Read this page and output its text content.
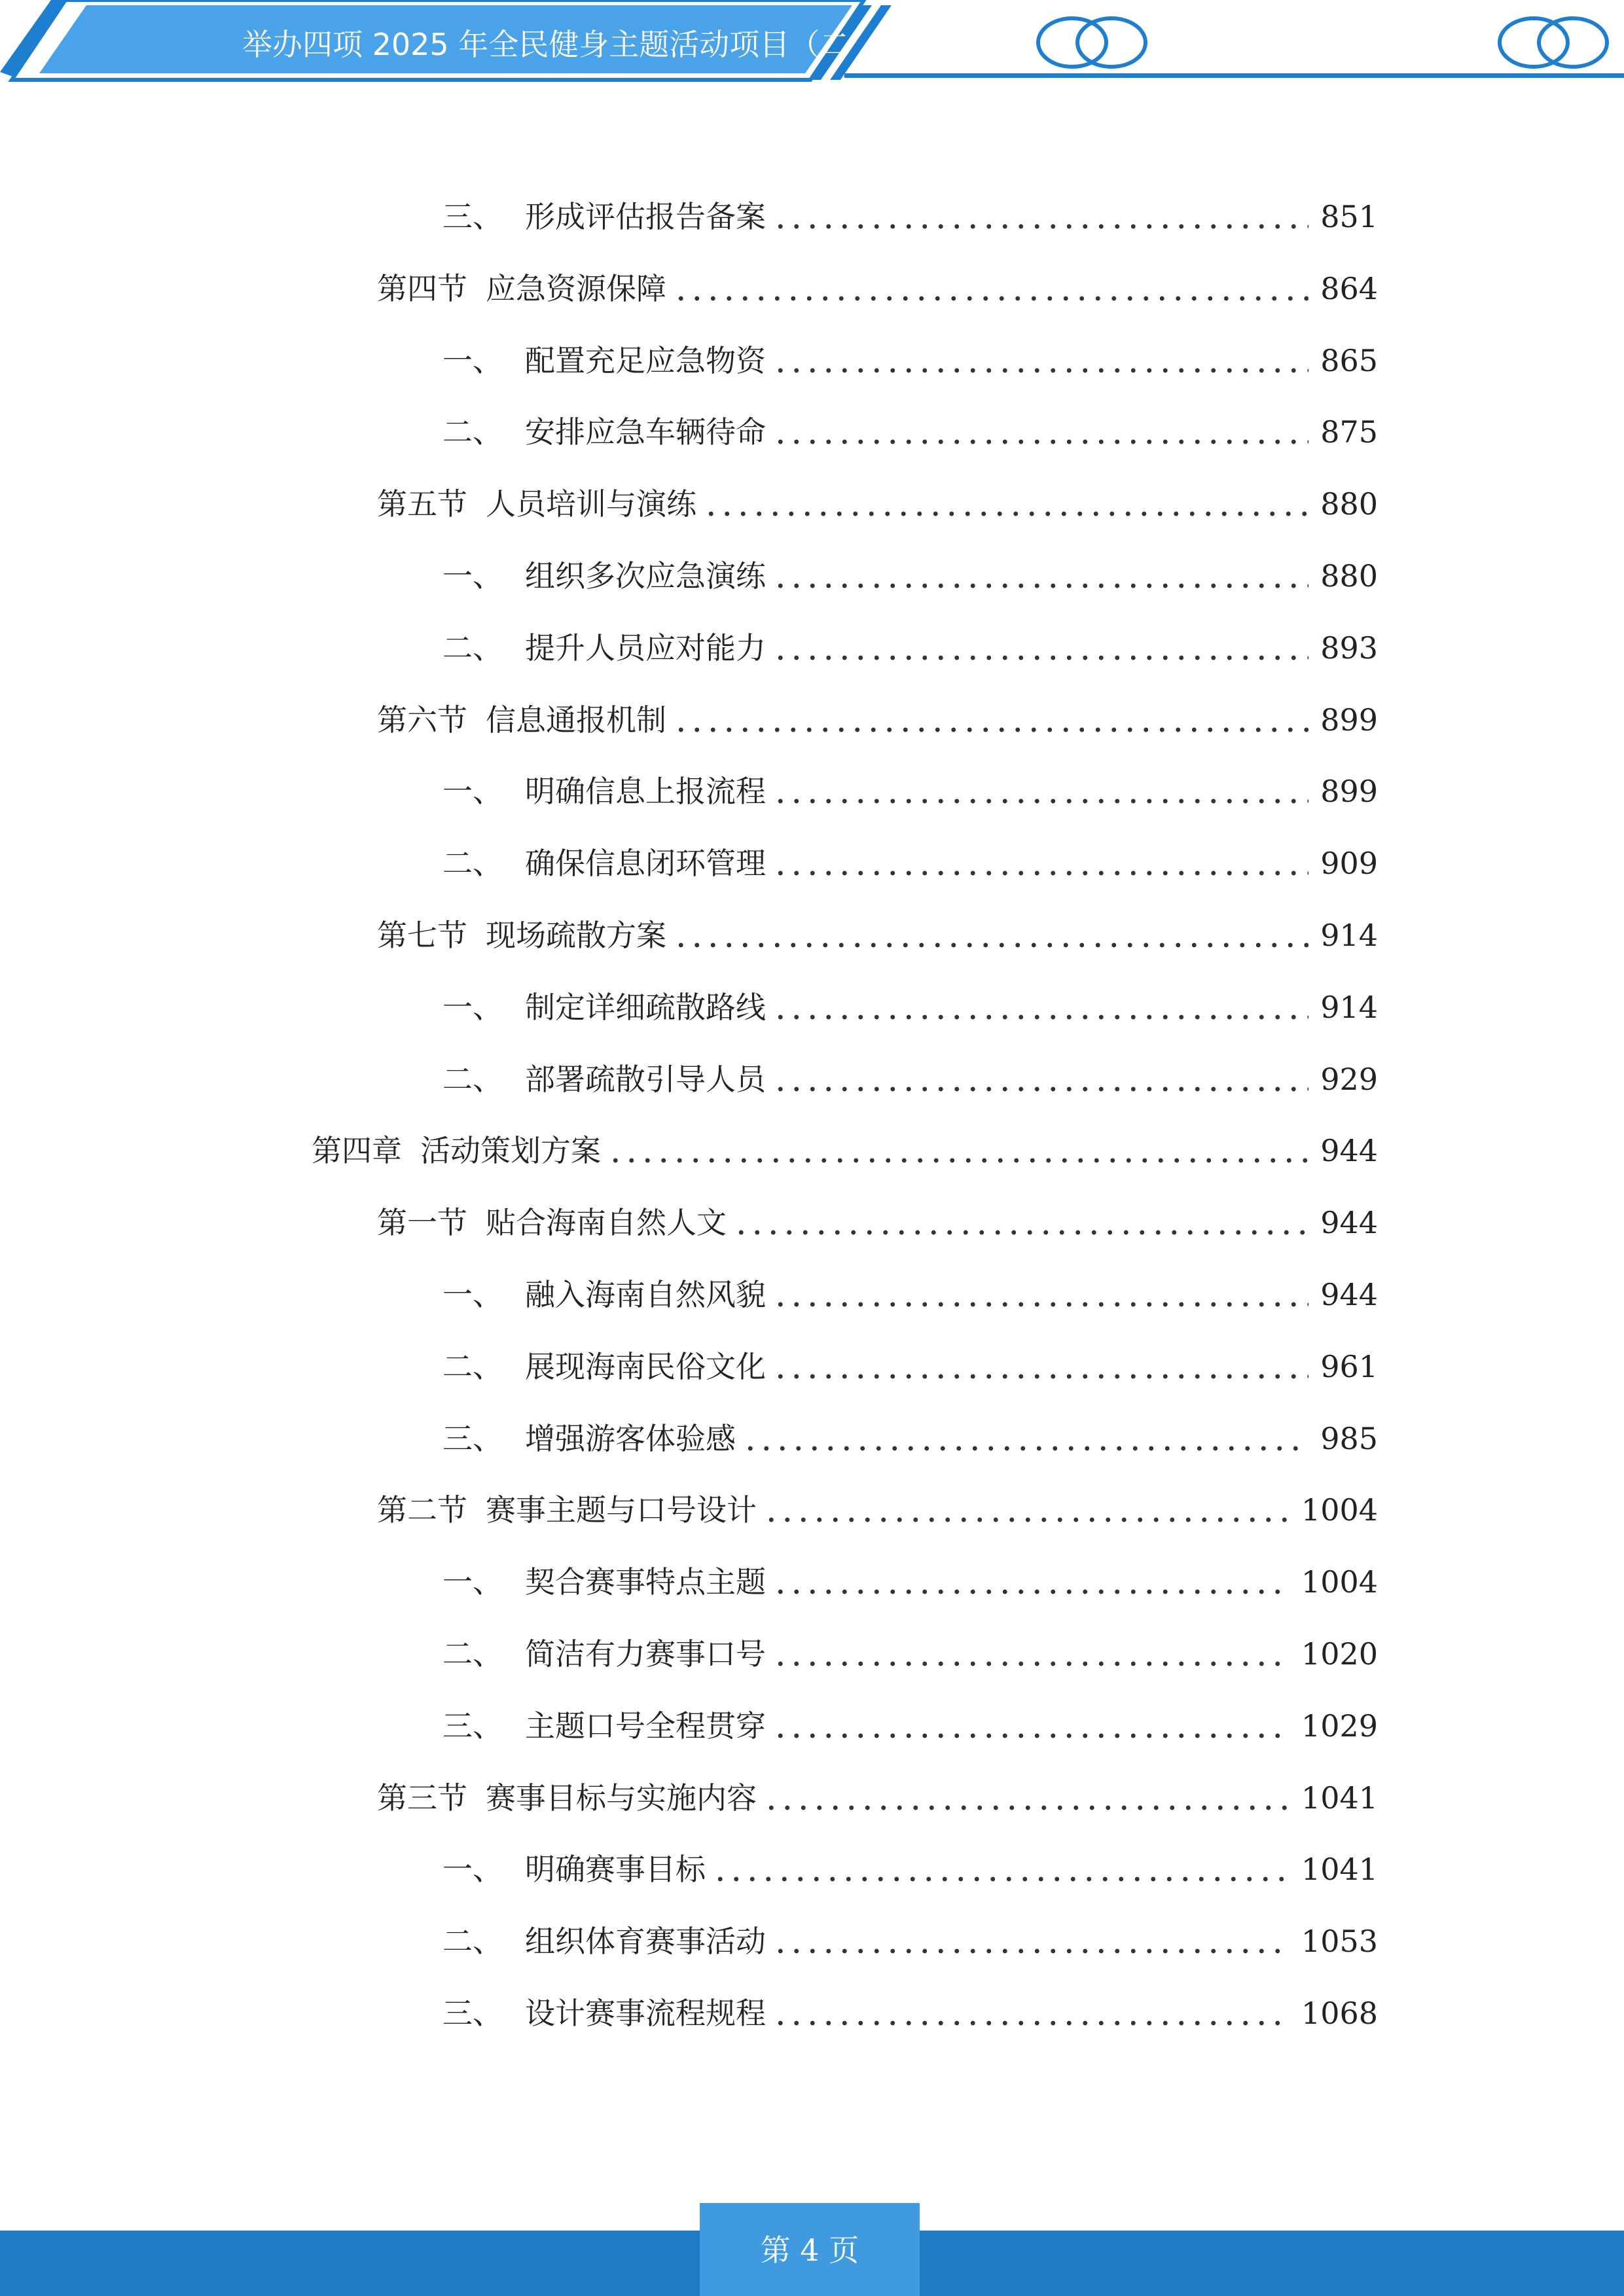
举办四项 2025 年全民健身主题活动项目（二
三、 形成评估报告备案	851
第四节 应急资源保障	864
一、 配置充足应急物资	865
二、 安排应急车辆待命	875
第五节 人员培训与演练	880
一、 组织多次应急演练	880
二、 提升人员应对能力	893
第六节 信息通报机制	899
一、 明确信息上报流程	899
二、 确保信息闭环管理	909
第七节 现场疏散方案	914
一、 制定详细疏散路线	914
二、 部署疏散引导人员	929
第四章 活动策划方案	944
第一节 贴合海南自然人文	944
一、 融入海南自然风貌	944
二、 展现海南民俗文化	961
三、 增强游客体验感	985
第二节 赛事主题与口号设计	1004
一、 契合赛事特点主题	1004
二、 简洁有力赛事口号	1020
三、 主题口号全程贯穿	1029
第三节 赛事目标与实施内容	1041
一、 明确赛事目标	1041
二、 组织体育赛事活动	1053
三、 设计赛事流程规程	1068
第 4 页
